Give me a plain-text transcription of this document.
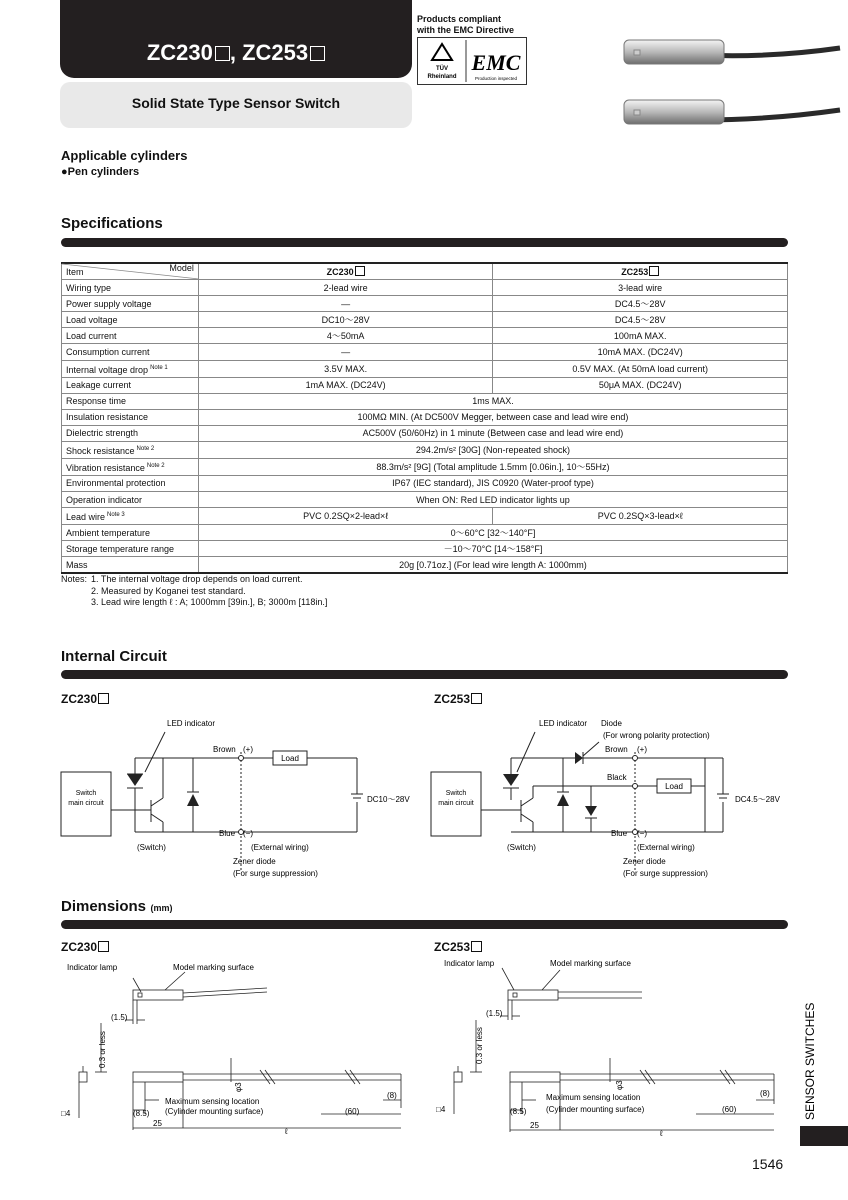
ZC230 , ZC253
Solid State Type Sensor Switch
Products compliant
with the EMC Directive
TÜV
Rheinland
EMC
Production inspected
Applicable cylinders
●Pen cylinders
Specifications
Item Model	ZC230	ZC253
Wiring type	2-lead wire	3-lead wire
Power supply voltage	—	DC4.5～28V
Load voltage	DC10～28V	DC4.5～28V
Load current	4～50mA	100mA MAX.
Consumption current	—	10mA MAX. (DC24V)
Internal voltage drop $^{Note 1}$	3.5V MAX.	0.5V MAX. (At 50mA load current)
Leakage current	1mA MAX. (DC24V)	50μA MAX. (DC24V)
Response time	1ms MAX.	
Insulation resistance	100MΩ MIN. (At DC500V Megger, between case and lead wire end)	
Dielectric strength	AC500V (50/60Hz) in 1 minute (Between case and lead wire end)	
Shock resistance $^{Note 2}$	294.2m/s² [30G] (Non-repeated shock)	
Vibration resistance $^{Note 2}$	88.3m/s² [9G] (Total amplitude 1.5mm [0.06in.], 10～55Hz)	
Environmental protection	IP67 (IEC standard), JIS C0920 (Water-proof type)	
Operation indicator	When ON: Red LED indicator lights up	
Lead wire $^{Note 3}$	PVC 0.2SQ×2-lead×ℓ	PVC 0.2SQ×3-lead×ℓ
Ambient temperature	0～60°C [32～140°F]	
Storage temperature range	－10～70°C [14～158°F]	
Mass	20g [0.71oz.] (For lead wire length A: 1000mm)	
Notes: 1. The internal voltage drop depends on load current.
2. Measured by Koganei test standard.
3. Lead wire length ℓ : A; 1000mm [39in.], B; 3000m [118in.]
Internal Circuit
ZC230	ZC253
Load
Switch
main circuit
LED indicator
Brown (+)
Blue (−)
DC10～28V
(Switch)	(External wiring)
Zener diode
(For surge suppression)
Load
Switch
main circuit
LED indicator Diode
(For wrong polarity protection)
Brown (+)
Black
Blue (−)
DC4.5～28V
(Switch)	(External wiring)
Zener diode
(For surge suppression)
Dimensions (mm)
ZC230	ZC253
Indicator lamp	Model marking surface
(1.5)
0.3 or less
φ3
Maximum sensing location
(Cylinder mounting surface)
(8.5)
25
ℓ
(60)
(8)
□4
Indicator lamp	Model marking surface
(1.5)
0.3 or less
φ3
Maximum sensing location
(Cylinder mounting surface)
(8.5)
25
ℓ
(60)
(8)
□4	SENSOR SWITCHES
1546
